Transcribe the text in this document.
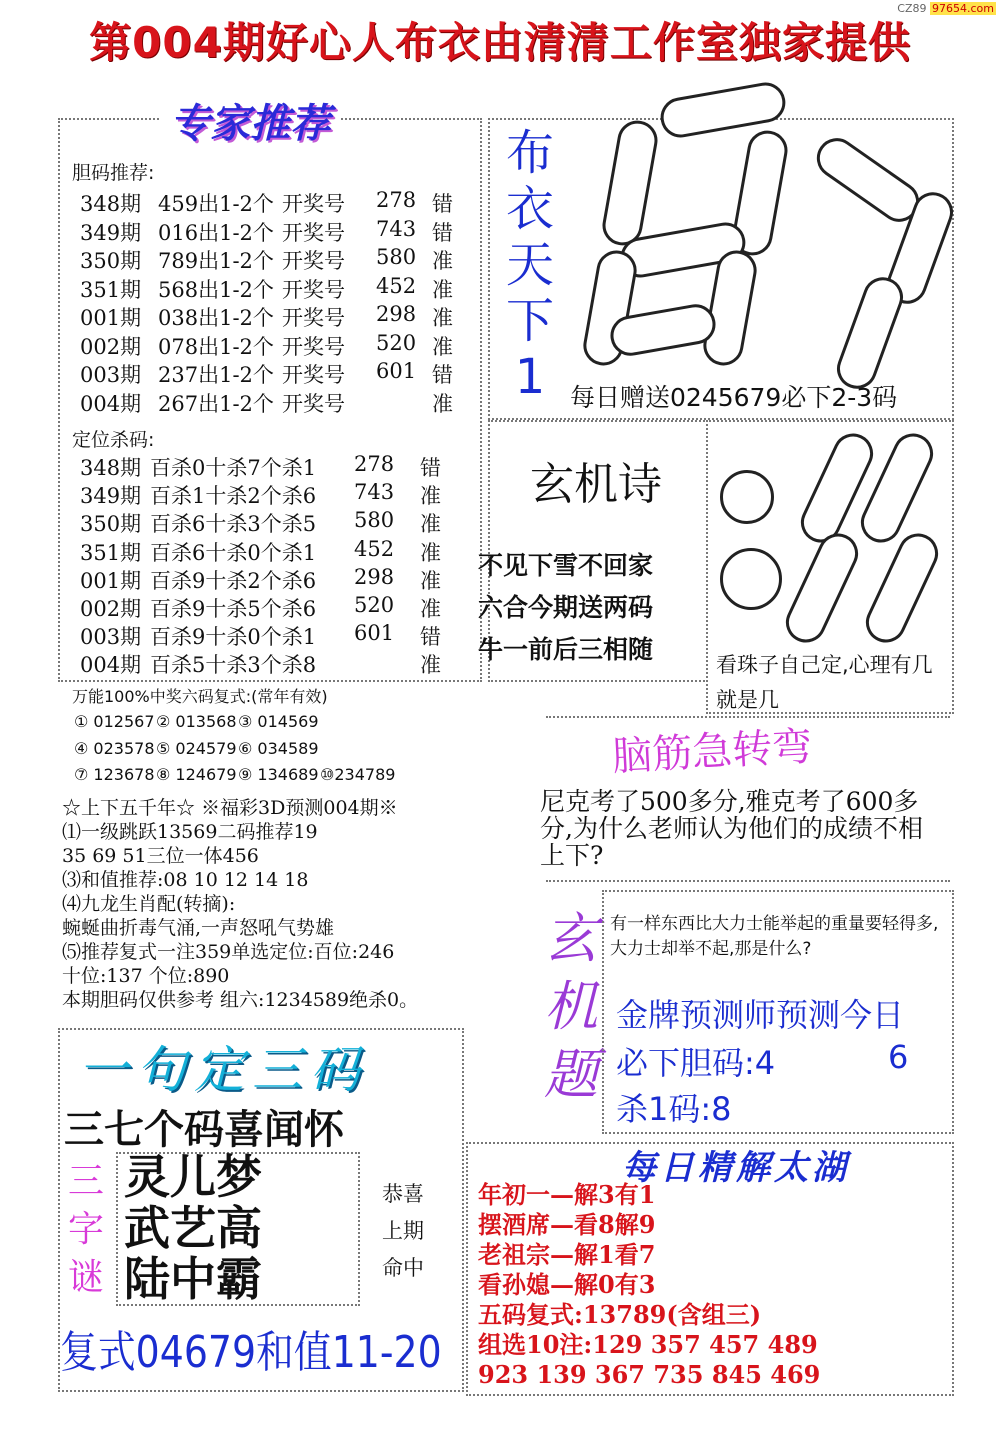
第004期好心人布衣由清清工作室独家提供
CZ89 97654.com
专家推荐
胆码推荐:
348期 459出1-2个 开奖号 278 错
349期 016出1-2个 开奖号 743 错
350期 789出1-2个 开奖号 580 准
351期 568出1-2个 开奖号 452 准
001期 038出1-2个 开奖号 298 准
002期 078出1-2个 开奖号 520 准
003期 237出1-2个 开奖号 601 错
004期 267出1-2个 开奖号	准
定位杀码:
348期 百杀0十杀7个杀1 278 错
349期 百杀1十杀2个杀6 743 准
350期 百杀6十杀3个杀5 580 准
351期 百杀6十杀0个杀1 452 准
001期 百杀9十杀2个杀6 298 准
002期 百杀9十杀5个杀6 520 准
003期 百杀9十杀0个杀1 601 错
004期 百杀5十杀3个杀8	准
万能100%中奖六码复式:(常年有效)
① 012567 ② 013568 ③ 014569
④ 023578 ⑤ 024579 ⑥ 034589
⑦ 123678 ⑧ 124679 ⑨ 134689 ⑩234789
☆上下五千年☆ ※福彩3D预测004期※
⑴一级跳跃13569二码推荐19
35 69 51三位一体456
⑶和值推荐:08 10 12 14 18
⑷九龙生肖配(转摘):
蜿蜒曲折毒气涌,一声怒吼气势雄
⑸推荐复式一注359单选定位:百位:246
十位:137 个位:890
本期胆码仅供参考 组六:1234589绝杀0。
布
衣
天
下
1 每日赠送0245679必下2-3码
玄机诗
不见下雪不回家
六合今期送两码
牛一前后三相随
看珠子自己定,心理有几就是几
脑筋急转弯
尼克考了500多分,雅克考了600多分,为什么老师认为他们的成绩不相上下?
玄
机
题
有一样东西比大力士能举起的重量要轻得多,大力士却举不起,那是什么?
金牌预测师预测今日
必下胆码:4	6
杀1码:8
一句定三码
三七个码喜闻怀
三
字
谜
灵儿梦
武艺高
陆中霸
恭喜
上期
命中
复式04679和值11-20
每日精解太湖
年初一—解3有1
摆酒席—看8解9
老祖宗—解1看7
看孙媳—解0有3
五码复式:13789(含组三)
组选10注:129 357 457 489
923 139 367 735 845 469
